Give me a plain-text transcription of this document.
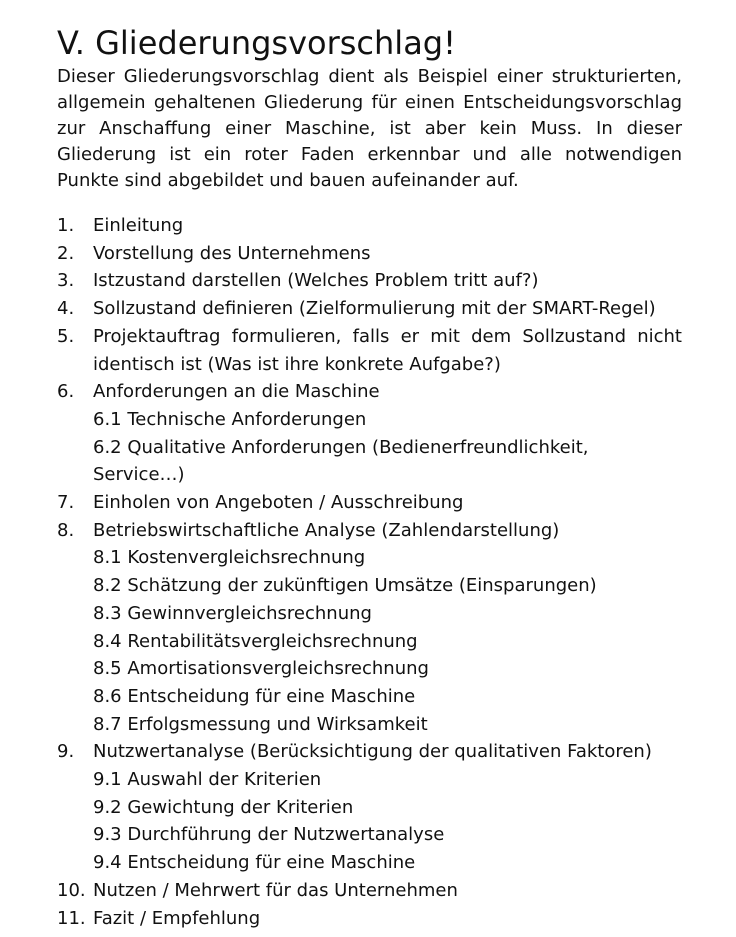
V. Gliederungsvorschlag!

Dieser Gliederungsvorschlag dient als Beispiel einer strukturierten, allgemein gehaltenen Gliederung für einen Entscheidungsvorschlag zur Anschaffung einer Maschine, ist aber kein Muss. In dieser Gliederung ist ein roter Faden erkennbar und alle notwendigen Punkte sind abgebildet und bauen aufeinander auf.

1. Einleitung
2. Vorstellung des Unternehmens
3. Istzustand darstellen (Welches Problem tritt auf?)
4. Sollzustand definieren (Zielformulierung mit der SMART-Regel)
5. Projektauftrag formulieren, falls er mit dem Sollzustand nicht identisch ist (Was ist ihre konkrete Aufgabe?)
6. Anforderungen an die Maschine
6.1 Technische Anforderungen
6.2 Qualitative Anforderungen (Bedienerfreundlichkeit, Service…)
7. Einholen von Angeboten / Ausschreibung
8. Betriebswirtschaftliche Analyse (Zahlendarstellung)
8.1 Kostenvergleichsrechnung
8.2 Schätzung der zukünftigen Umsätze (Einsparungen)
8.3 Gewinnvergleichsrechnung
8.4 Rentabilitätsvergleichsrechnung
8.5 Amortisationsvergleichsrechnung
8.6 Entscheidung für eine Maschine
8.7 Erfolgsmessung und Wirksamkeit
9. Nutzwertanalyse (Berücksichtigung der qualitativen Faktoren)
9.1 Auswahl der Kriterien
9.2 Gewichtung der Kriterien
9.3 Durchführung der Nutzwertanalyse
9.4 Entscheidung für eine Maschine
10. Nutzen / Mehrwert für das Unternehmen
11. Fazit / Empfehlung
